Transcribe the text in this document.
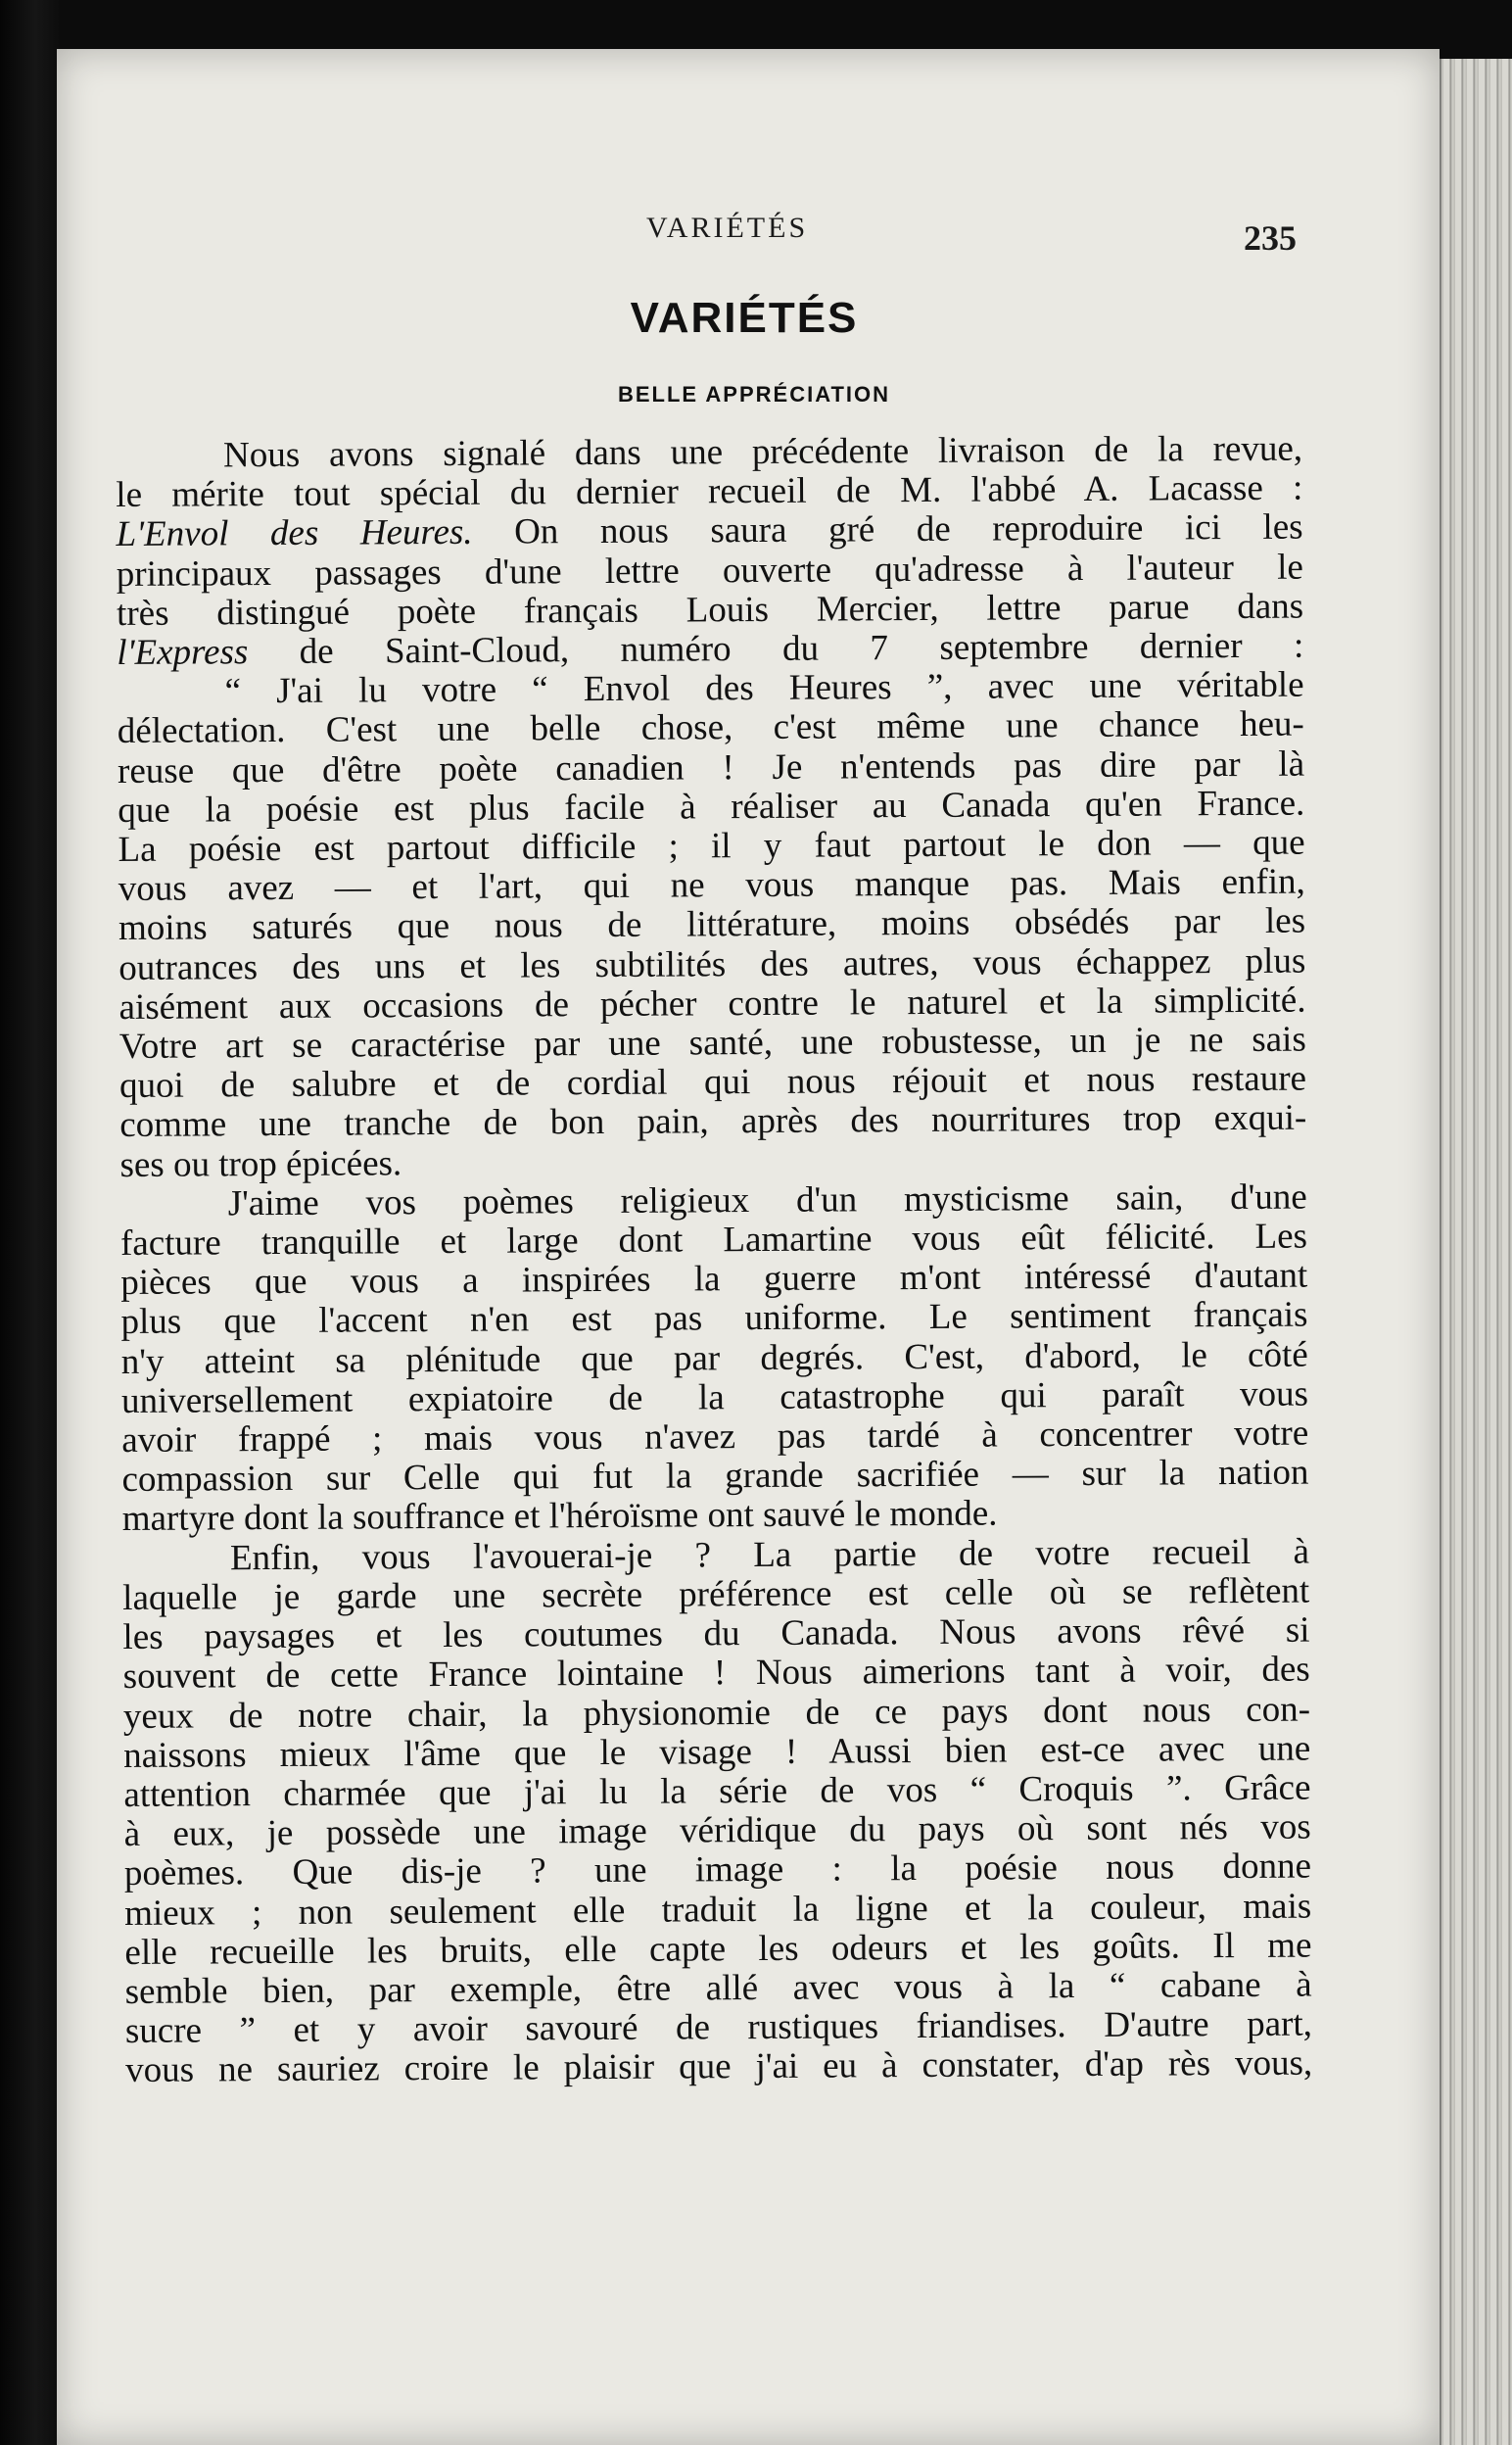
VARIÉTÉS	235
VARIÉTÉS
BELLE APPRÉCIATION
Nous avons signalé dans une précédente livraison de la revue,
le mérite tout spécial du dernier recueil de M. l'abbé A. Lacasse :
L'Envol des Heures. On nous saura gré de reproduire ici les
principaux passages d'une lettre ouverte qu'adresse à l'auteur le
très distingué poète français Louis Mercier, lettre parue dans
l'Express de Saint-Cloud, numéro du 7 septembre dernier :
“ J'ai lu votre “ Envol des Heures ”, avec une véritable
délectation. C'est une belle chose, c'est même une chance heu-
reuse que d'être poète canadien ! Je n'entends pas dire par là
que la poésie est plus facile à réaliser au Canada qu'en France.
La poésie est partout difficile ; il y faut partout le don — que
vous avez — et l'art, qui ne vous manque pas. Mais enfin,
moins saturés que nous de littérature, moins obsédés par les
outrances des uns et les subtilités des autres, vous échappez plus
aisément aux occasions de pécher contre le naturel et la simplicité.
Votre art se caractérise par une santé, une robustesse, un je ne sais
quoi de salubre et de cordial qui nous réjouit et nous restaure
comme une tranche de bon pain, après des nourritures trop exqui-
ses ou trop épicées.
J'aime vos poèmes religieux d'un mysticisme sain, d'une
facture tranquille et large dont Lamartine vous eût félicité. Les
pièces que vous a inspirées la guerre m'ont intéressé d'autant
plus que l'accent n'en est pas uniforme. Le sentiment français
n'y atteint sa plénitude que par degrés. C'est, d'abord, le côté
universellement expiatoire de la catastrophe qui paraît vous
avoir frappé ; mais vous n'avez pas tardé à concentrer votre
compassion sur Celle qui fut la grande sacrifiée — sur la nation
martyre dont la souffrance et l'héroïsme ont sauvé le monde.
Enfin, vous l'avouerai-je ? La partie de votre recueil à
laquelle je garde une secrète préférence est celle où se reflètent
les paysages et les coutumes du Canada. Nous avons rêvé si
souvent de cette France lointaine ! Nous aimerions tant à voir, des
yeux de notre chair, la physionomie de ce pays dont nous con-
naissons mieux l'âme que le visage ! Aussi bien est-ce avec une
attention charmée que j'ai lu la série de vos “ Croquis ”. Grâce
à eux, je possède une image véridique du pays où sont nés vos
poèmes. Que dis-je ? une image : la poésie nous donne
mieux ; non seulement elle traduit la ligne et la couleur, mais
elle recueille les bruits, elle capte les odeurs et les goûts. Il me
semble bien, par exemple, être allé avec vous à la “ cabane à
sucre ” et y avoir savouré de rustiques friandises. D'autre part,
vous ne sauriez croire le plaisir que j'ai eu à constater, d'ap rès vous,
